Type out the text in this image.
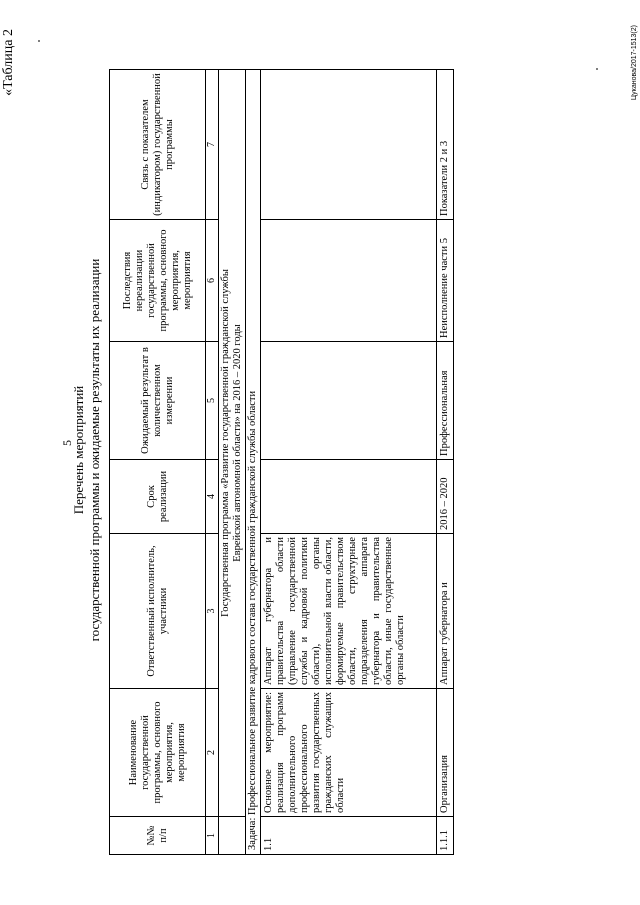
5
«Таблица 2
Перечень мероприятий государственной программы и ожидаемые результаты их реализации
№№ п/п	Наименование государственной программы, основного мероприятия, мероприятия	Ответственный исполнитель, участники	Срок реализации	Ожидаемый результат в количественном измерении	Последствия нереализации государственной программы, основного мероприятия, мероприятия	Связь с показателем (индикатором) государственной программы
1	2	3	4	5	6	7

	Государственная программа «Развитие государственной гражданской службы Еврейской автономной области» на 2016 – 2020 годы					

Задача: Профессиональное развитие кадрового состава государственной гражданской службы области						
1.1	Основное мероприятие: реализация программ дополнительного профессионального развития государственных гражданских служащих области	Аппарат губернатора и правительства области (управление государственной службы и кадровой политики области), органы исполнительной власти области, формируемые правительством области, структурные подразделения аппарата губернатора и правительства области, иные государственные органы области				
1.1.1	Организация	Аппарат губернатора и	2016 – 2020	Профессиональная	Неисполнение части 5	Показатели 2 и 3
Цуканова/2017-1513(2)
